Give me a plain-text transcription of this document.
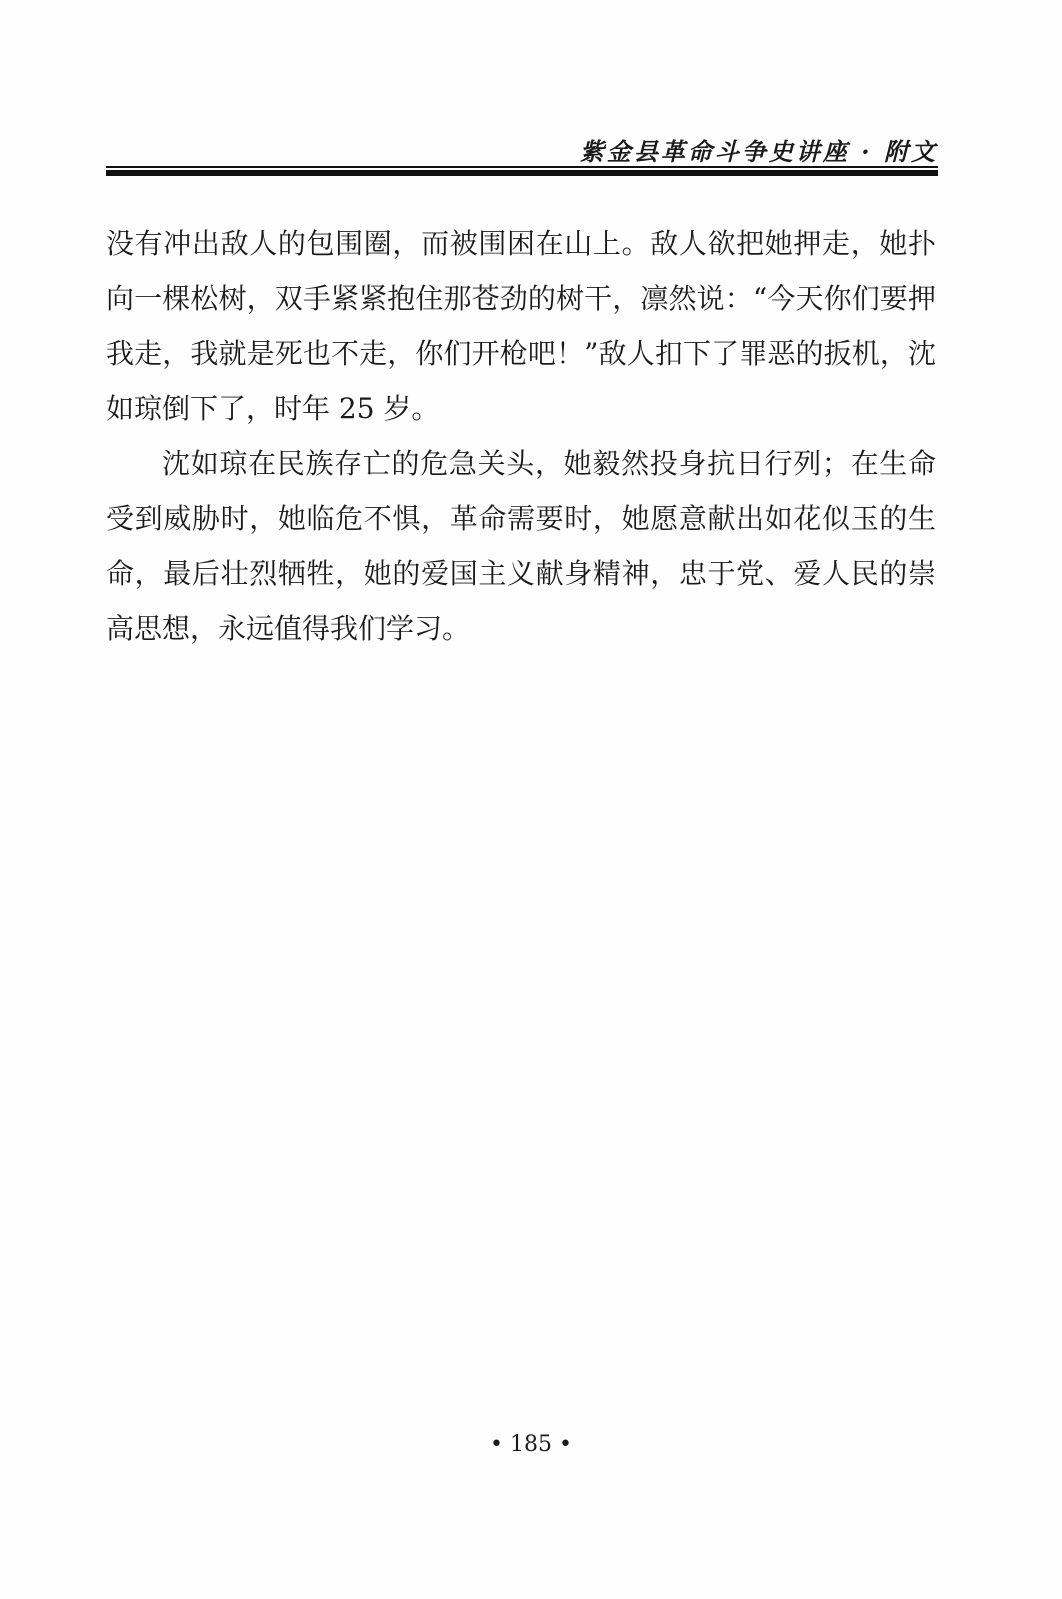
紫金县革命斗争史讲座 · 附文

没有冲出敌人的包围圈，而被围困在山上。敌人欲把她押走，她扑向一棵松树，双手紧紧抱住那苍劲的树干，凛然说：“今天你们要押我走，我就是死也不走，你们开枪吧！”敌人扣下了罪恶的扳机，沈如琼倒下了，时年 25 岁。

沈如琼在民族存亡的危急关头，她毅然投身抗日行列；在生命受到威胁时，她临危不惧，革命需要时，她愿意献出如花似玉的生命，最后壮烈牺牲，她的爱国主义献身精神，忠于党、爱人民的崇高思想，永远值得我们学习。

• 185 •
